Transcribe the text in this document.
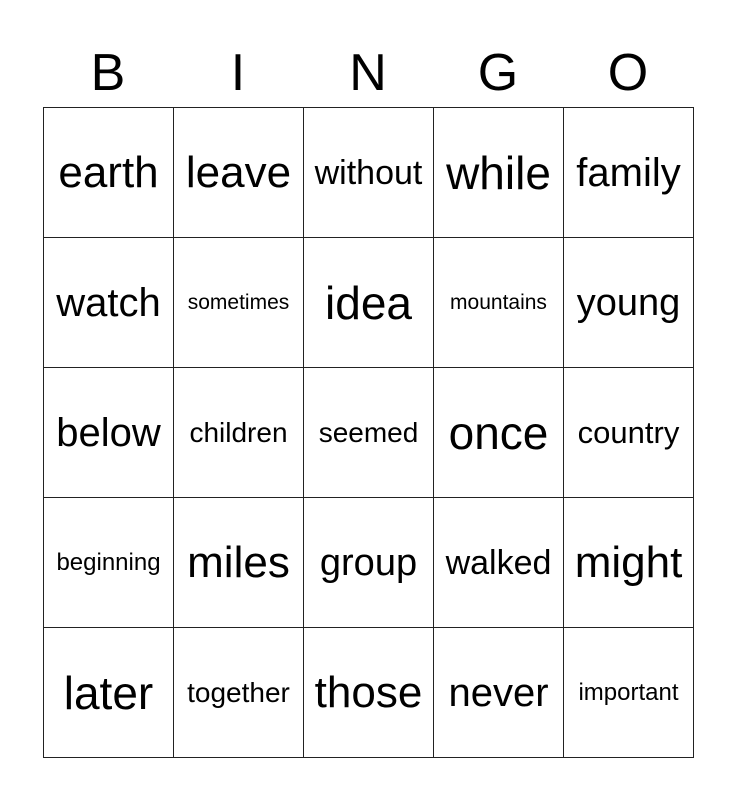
B	I	N	G	O
earth leave without while family
watch	sometimes idea	mountains young
below	children	seemed once country
beginning miles group walked might
later	together those never	important
